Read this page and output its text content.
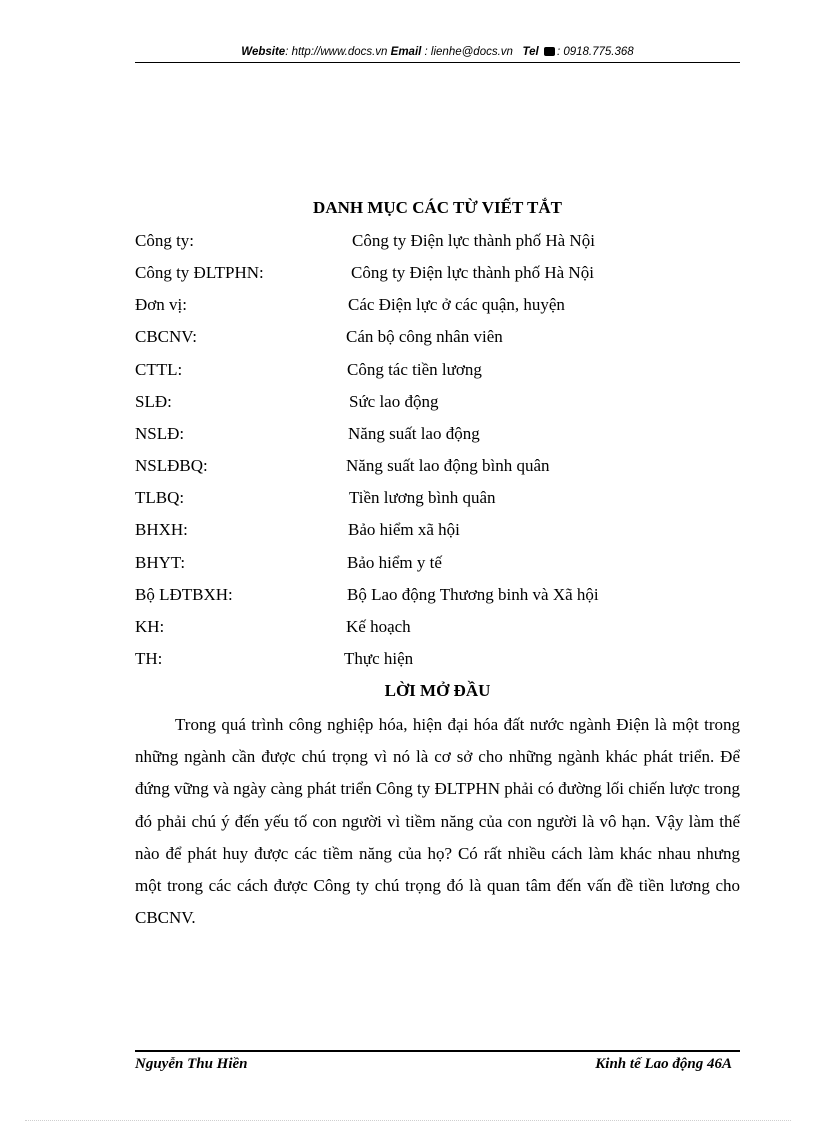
Website: http://www.docs.vn Email : lienhe@docs.vn Tel : 0918.775.368
DANH MỤC CÁC TỪ VIẾT TẮT
Công ty:	Công ty Điện lực thành phố Hà Nội
Công ty ĐLTPHN:	Công ty Điện lực thành phố Hà Nội
Đơn vị:	Các Điện lực ở các quận, huyện
CBCNV:	Cán bộ công nhân viên
CTTL:	Công tác tiền lương
SLĐ:	Sức lao động
NSLĐ:	Năng suất lao động
NSLĐBQ:	Năng suất lao động bình quân
TLBQ:	Tiền lương bình quân
BHXH:	Bảo hiểm xã hội
BHYT:	Bảo hiểm y tế
Bộ LĐTBXH:	Bộ Lao động Thương binh và Xã hội
KH:	Kế hoạch
TH:	Thực hiện
LỜI MỞ ĐẦU

Trong quá trình công nghiệp hóa, hiện đại hóa đất nước ngành Điện là một trong những ngành cần được chú trọng vì nó là cơ sở cho những ngành khác phát triển. Để đứng vững và ngày càng phát triển Công ty ĐLTPHN phải có đường lối chiến lược trong đó phải chú ý đến yếu tố con người vì tiềm năng của con người là vô hạn. Vậy làm thế nào để phát huy được các tiềm năng của họ? Có rất nhiều cách làm khác nhau nhưng một trong các cách được Công ty chú trọng đó là quan tâm đến vấn đề tiền lương cho CBCNV.

Nguyễn Thu Hiền	Kinh tế Lao động 46A
